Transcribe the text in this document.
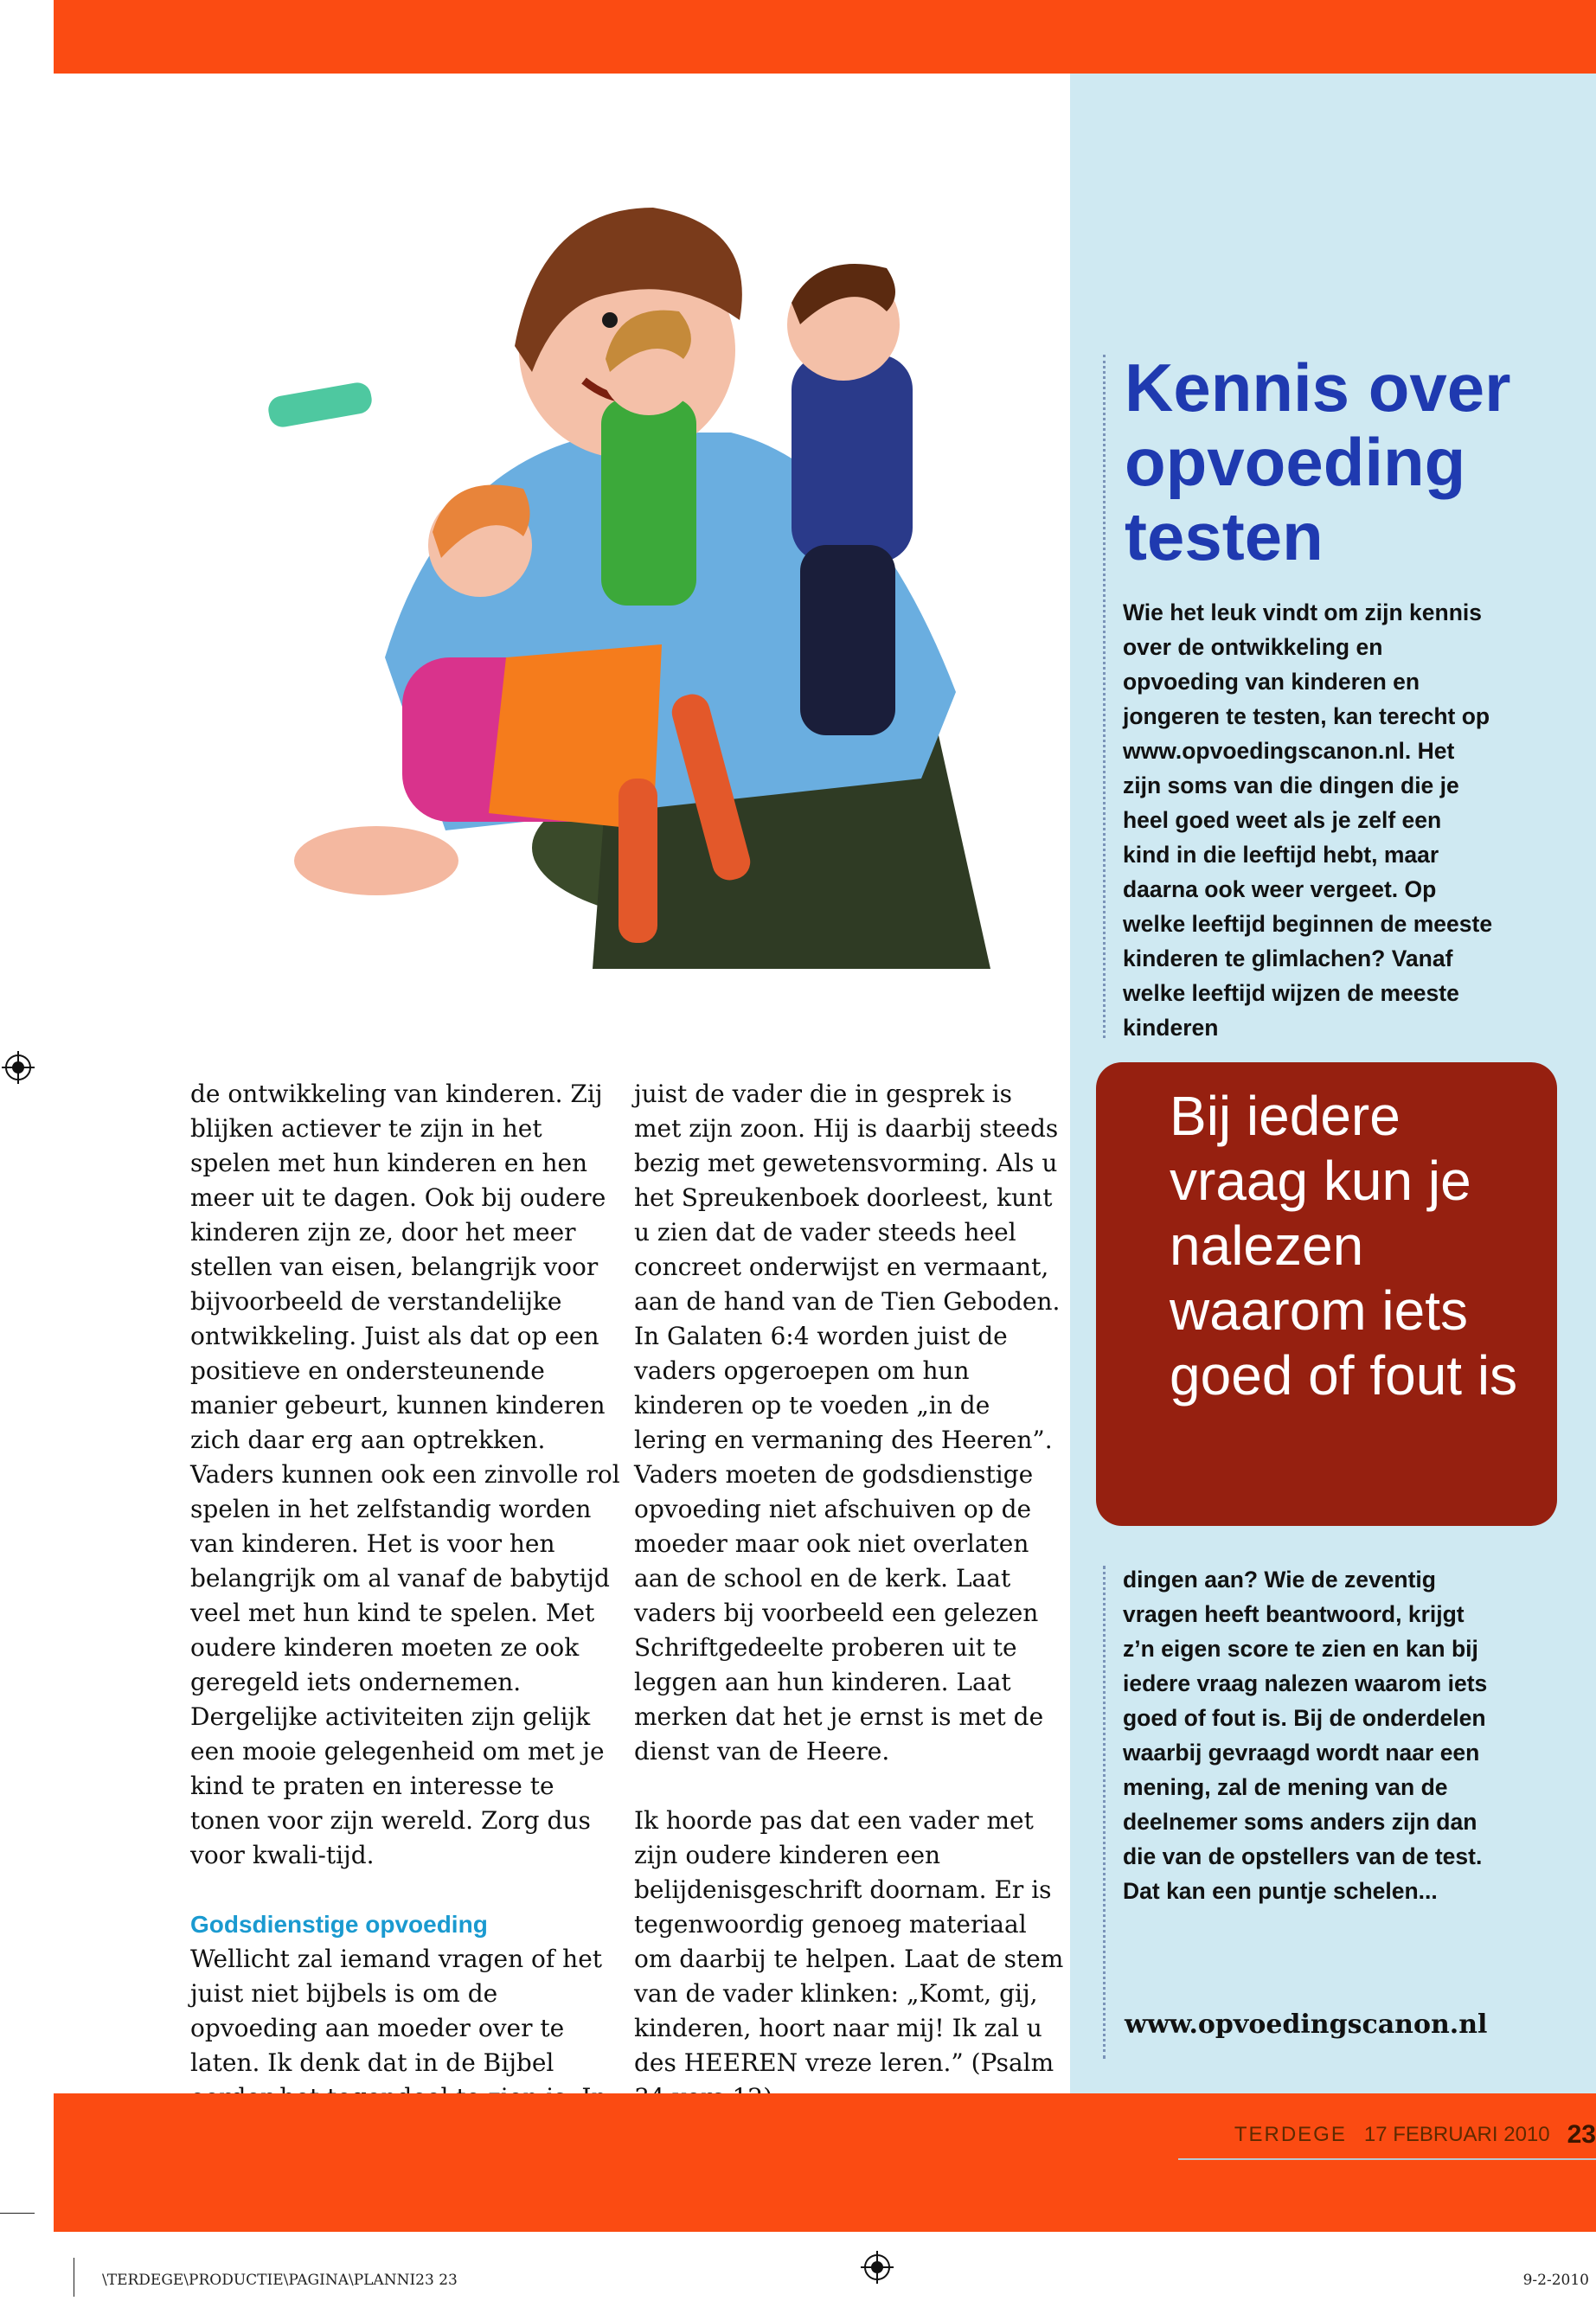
Kennis over opvoeding testen

Wie het leuk vindt om zijn kennis over de ontwikkeling en opvoeding van kinderen en jongeren te testen, kan terecht op www.opvoedingscanon.nl. Het zijn soms van die dingen die je heel goed weet als je zelf een kind in die leeftijd hebt, maar daarna ook weer vergeet. Op welke leeftijd beginnen de meeste kinderen te glimlachen? Vanaf welke leeftijd wijzen de meeste kinderen

Bij iedere vraag kun je nalezen waarom iets goed of fout is

dingen aan? Wie de zeventig vragen heeft beantwoord, krijgt z’n eigen score te zien en kan bij iedere vraag nalezen waarom iets goed of fout is. Bij de onderdelen waarbij gevraagd wordt naar een mening, zal de mening van de deelnemer soms anders zijn dan die van de opstellers van de test. Dat kan een puntje schelen...

www.opvoedingscanon.nl

de ontwikkeling van kinderen. Zij blijken actiever te zijn in het spelen met hun kinderen en hen meer uit te dagen. Ook bij oudere kinderen zijn ze, door het meer stellen van eisen, belangrijk voor bijvoorbeeld de verstandelijke ontwikkeling. Juist als dat op een positieve en ondersteunende manier gebeurt, kunnen kinderen zich daar erg aan optrekken.

Vaders kunnen ook een zinvolle rol spelen in het zelfstandig worden van kinderen. Het is voor hen belangrijk om al vanaf de babytijd veel met hun kind te spelen. Met oudere kinderen moeten ze ook geregeld iets ondernemen. Dergelijke activiteiten zijn gelijk een mooie gelegenheid om met je kind te praten en interesse te tonen voor zijn wereld. Zorg dus voor kwali-tijd.

Godsdienstige opvoeding

Wellicht zal iemand vragen of het juist niet bijbels is om de opvoeding aan moeder over te laten. Ik denk dat in de Bijbel

juist de vader die in gesprek is met zijn zoon. Hij is daarbij steeds bezig met gewetensvorming. Als u het Spreukenboek doorleest, kunt u zien dat de vader steeds heel concreet onderwijst en vermaant, aan de hand van de Tien Geboden.

In Galaten 6:4 worden juist de vaders opgeroepen om hun kinderen op te voeden „in de lering en vermaning des Heeren”. Vaders moeten de godsdienstige opvoeding niet afschuiven op de moeder maar ook niet overlaten aan de school en de kerk. Laat vaders bij voorbeeld een gelezen Schriftgedeelte proberen uit te leggen aan hun kinderen. Laat merken dat het je ernst is met de dienst van de Heere.

Ik hoorde pas dat een vader met zijn oudere kinderen een belijdenisgeschrift doornam. Er is tegenwoordig genoeg materiaal om daarbij te helpen. Laat de stem van de vader klinken: „Komt, gij, kinderen, hoort naar mij! Ik zal u des HEEREN vreze leren.” (Psalm

TERDEGE 17 FEBRUARI 2010 23
\TERDEGE\PRODUCTIE\PAGINA\PLANNI23 23	9-2-2010
